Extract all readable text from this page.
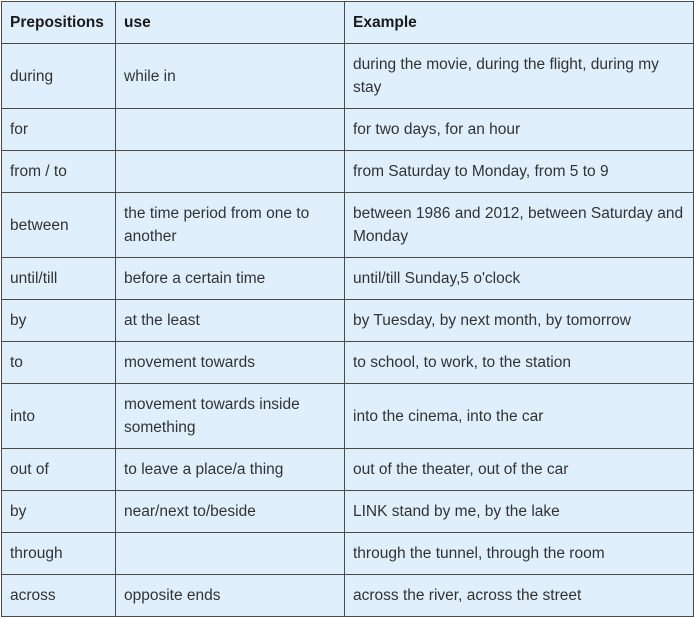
Prepositions	use	Example
during	while in	during the movie, during the flight, during my stay
for		for two days, for an hour
from / to		from Saturday to Monday, from 5 to 9
between	the time period from one to another	between 1986 and 2012, between Saturday and Monday
until/till	before a certain time	until/till Sunday,5 o'clock
by	at the least	by Tuesday, by next month, by tomorrow
to	movement towards	to school, to work, to the station
into	movement towards inside something	into the cinema, into the car
out of	to leave a place/a thing	out of the theater, out of the car
by	near/next to/beside	LINK stand by me, by the lake
through		through the tunnel, through the room
across	opposite ends	across the river, across the street
